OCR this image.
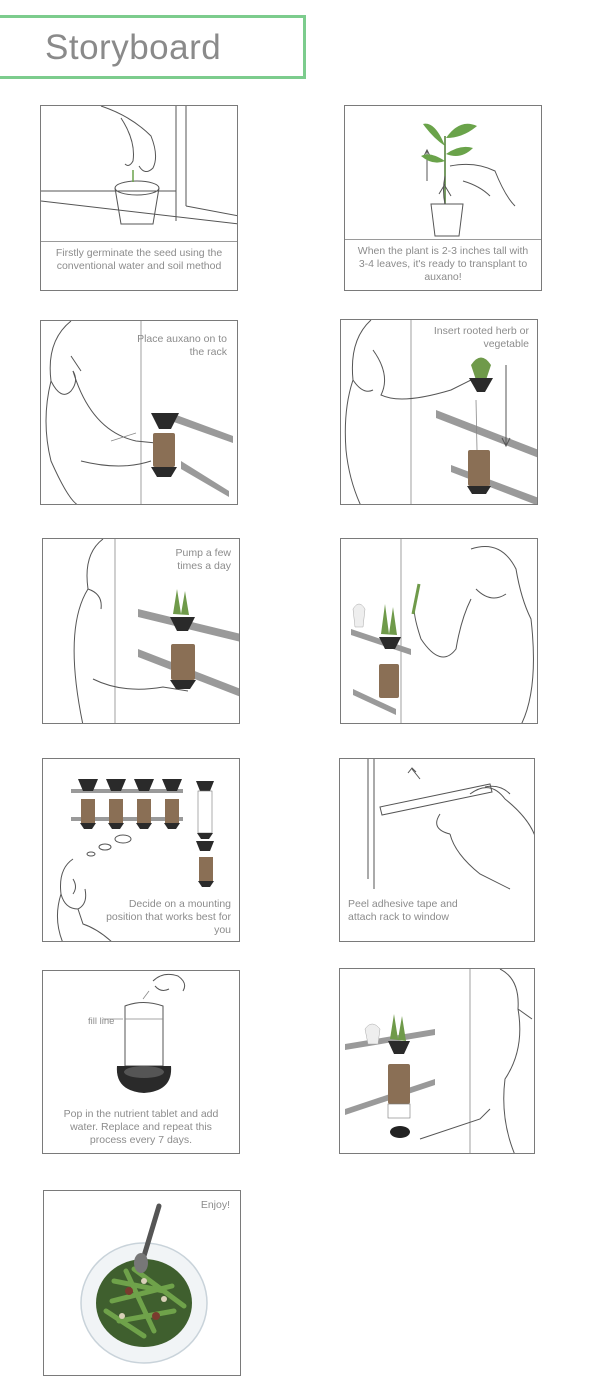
Storyboard
Firstly germinate the seed using the conventional water and soil method
When the plant is 2-3 inches tall with 3-4 leaves, it's ready to transplant to auxano!
Place auxano on to the rack
Insert rooted herb or vegetable
Pump a few times a day
Decide on a mounting position that works best for you
Peel adhesive tape and attach rack to window
fill line
Pop in the nutrient tablet and add water. Replace and repeat this process every 7 days.
Enjoy!
